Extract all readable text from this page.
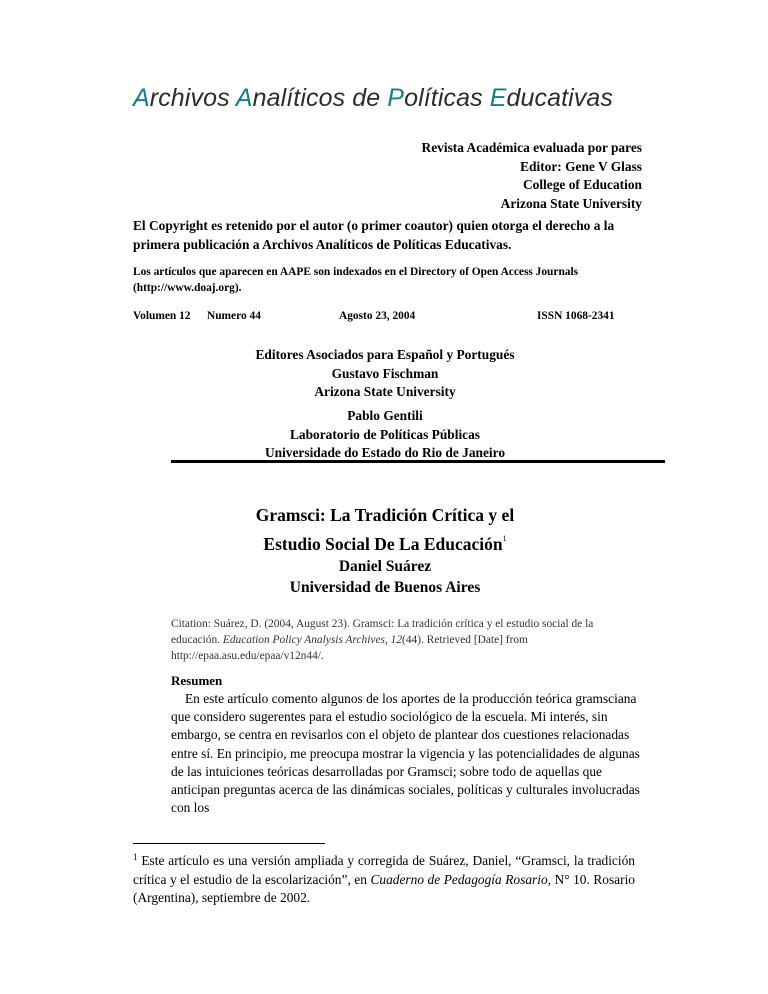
Archivos Analíticos de Políticas Educativas
Revista Académica evaluada por pares
Editor: Gene V Glass
College of Education
Arizona State University
El Copyright es retenido por el autor (o primer coautor) quien otorga el derecho a la primera publicación a Archivos Analíticos de Políticas Educativas.
Los artículos que aparecen en AAPE son indexados en el Directory of Open Access Journals (http://www.doaj.org).
Volumen 12 Numero 44	Agosto 23, 2004	ISSN 1068-2341
Editores Asociados para Español y Portugués
Gustavo Fischman
Arizona State University
Pablo Gentili
Laboratorio de Políticas Públicas
Universidade do Estado do Rio de Janeiro
Gramsci: La Tradición Crítica y el
Estudio Social De La Educación$^1$
Daniel Suárez
Universidad de Buenos Aires
Citation: Suárez, D. (2004, August 23). Gramsci: La tradición crítica y el estudio social de la educación. Education Policy Analysis Archives, 12(44). Retrieved [Date] from http://epaa.asu.edu/epaa/v12n44/.
Resumen
En este artículo comento algunos de los aportes de la producción teórica gramsciana que considero sugerentes para el estudio sociológico de la escuela. Mi interés, sin embargo, se centra en revisarlos con el objeto de plantear dos cuestiones relacionadas entre sí. En principio, me preocupa mostrar la vigencia y las potencialidades de algunas de las intuiciones teóricas desarrolladas por Gramsci; sobre todo de aquellas que anticipan preguntas acerca de las dinámicas sociales, políticas y culturales involucradas con los
$^1$ Este artículo es una versión ampliada y corregida de Suárez, Daniel, “Gramsci, la tradición crítica y el estudio de la escolarización”, en Cuaderno de Pedagogía Rosario, N° 10. Rosario (Argentina), septiembre de 2002.
